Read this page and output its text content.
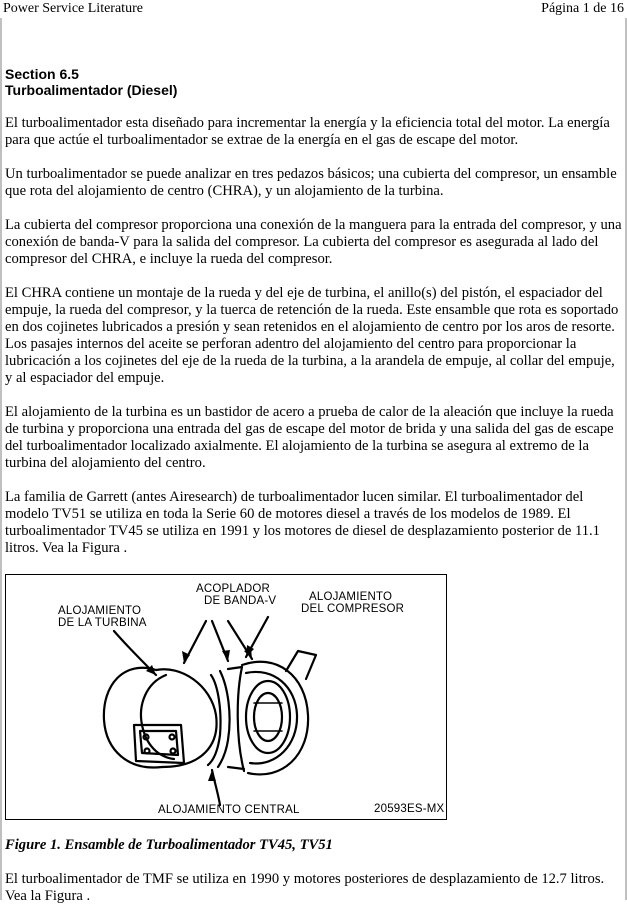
Power Service Literature	Página 1 de 16
Section 6.5
Turboalimentador (Diesel)

El turboalimentador esta diseñado para incrementar la energía y la eficiencia total del motor. La energía para que actúe el turboalimentador se extrae de la energía en el gas de escape del motor.

Un turboalimentador se puede analizar en tres pedazos básicos; una cubierta del compresor, un ensamble que rota del alojamiento de centro (CHRA), y un alojamiento de la turbina.

La cubierta del compresor proporciona una conexión de la manguera para la entrada del compresor, y una conexión de banda-V para la salida del compresor. La cubierta del compresor es asegurada al lado del compresor del CHRA, e incluye la rueda del compresor.

El CHRA contiene un montaje de la rueda y del eje de turbina, el anillo(s) del pistón, el espaciador del empuje, la rueda del compresor, y la tuerca de retención de la rueda. Este ensamble que rota es soportado en dos cojinetes lubricados a presión y sean retenidos en el alojamiento de centro por los aros de resorte. Los pasajes internos del aceite se perforan adentro del alojamiento del centro para proporcionar la lubricación a los cojinetes del eje de la rueda de la turbina, a la arandela de empuje, al collar del empuje, y al espaciador del empuje.

El alojamiento de la turbina es un bastidor de acero a prueba de calor de la aleación que incluye la rueda de turbina y proporciona una entrada del gas de escape del motor de brida y una salida del gas de escape del turboalimentador localizado axialmente. El alojamiento de la turbina se asegura al extremo de la turbina del alojamiento del centro.

La familia de Garrett (antes Airesearch) de turboalimentador lucen similar. El turboalimentador del modelo TV51 se utiliza en toda la Serie 60 de motores diesel a través de los modelos de 1989. El turboalimentador TV45 se utiliza en 1991 y los motores de diesel de desplazamiento posterior de 11.1 litros. Vea la Figura .

ALOJAMIENTO
DE LA TURBINA
ACOPLADOR
DE BANDA-V	ALOJAMIENTO
DEL COMPRESOR
ALOJAMIENTO CENTRAL	20593ES-MX
Figure 1. Ensamble de Turboalimentador TV45, TV51

El turboalimentador de TMF se utiliza en 1990 y motores posteriores de desplazamiento de 12.7 litros. Vea la Figura .
